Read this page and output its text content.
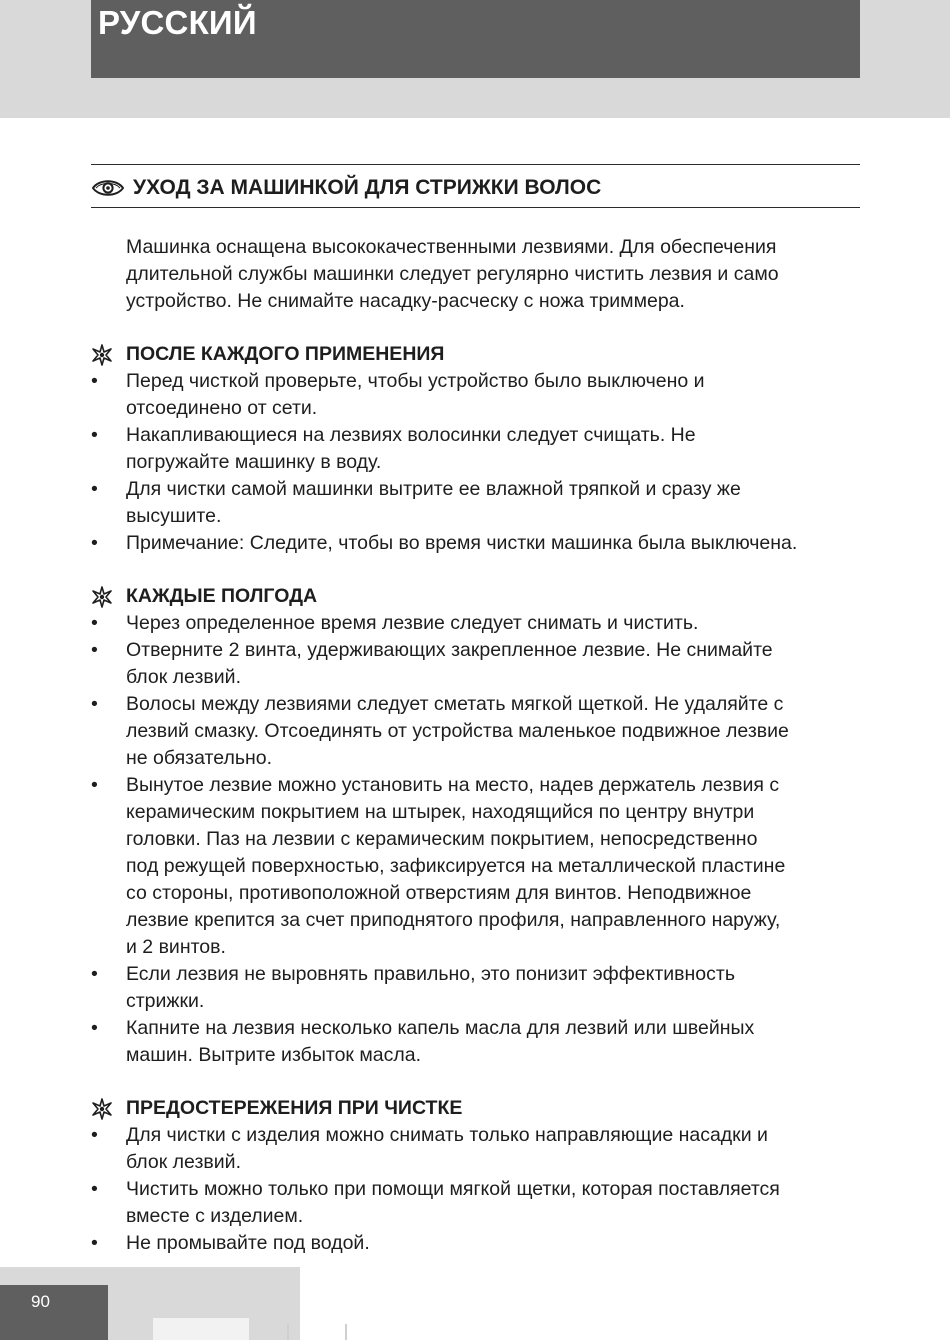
РУССКИЙ
УХОД ЗА МАШИНКОЙ ДЛЯ СТРИЖКИ ВОЛОС

Машинка оснащена высококачественными лезвиями. Для обеспечения
длительной службы машинки следует регулярно чистить лезвия и само
устройство. Не снимайте насадку-расческу с ножа триммера.

ПОСЛЕ КАЖДОГО ПРИМЕНЕНИЯ
• Перед чисткой проверьте, чтобы устройство было выключено и
отсоединено от сети.
• Накапливающиеся на лезвиях волосинки следует счищать. Не
погружайте машинку в воду.
• Для чистки самой машинки вытрите ее влажной тряпкой и сразу же
высушите.
• Примечание: Следите, чтобы во время чистки машинка была выключена.
КАЖДЫЕ ПОЛГОДА
• Через определенное время лезвие следует снимать и чистить.
• Отверните 2 винта, удерживающих закрепленное лезвие. Не снимайте
блок лезвий.
• Волосы между лезвиями следует сметать мягкой щеткой. Не удаляйте с
лезвий смазку. Отсоединять от устройства маленькое подвижное лезвие
не обязательно.
• Вынутое лезвие можно установить на место, надев держатель лезвия с
керамическим покрытием на штырек, находящийся по центру внутри
головки. Паз на лезвии с керамическим покрытием, непосредственно
под режущей поверхностью, зафиксируется на металлической пластине
со стороны, противоположной отверстиям для винтов. Неподвижное
лезвие крепится за счет приподнятого профиля, направленного наружу,
и 2 винтов.
• Если лезвия не выровнять правильно, это понизит эффективность
стрижки.
• Капните на лезвия несколько капель масла для лезвий или швейных
машин. Вытрите избыток масла.
ПРЕДОСТЕРЕЖЕНИЯ ПРИ ЧИСТКЕ
• Для чистки с изделия можно снимать только направляющие насадки и
блок лезвий.
• Чистить можно только при помощи мягкой щетки, которая поставляется
вместе с изделием.
• Не промывайте под водой.
90
